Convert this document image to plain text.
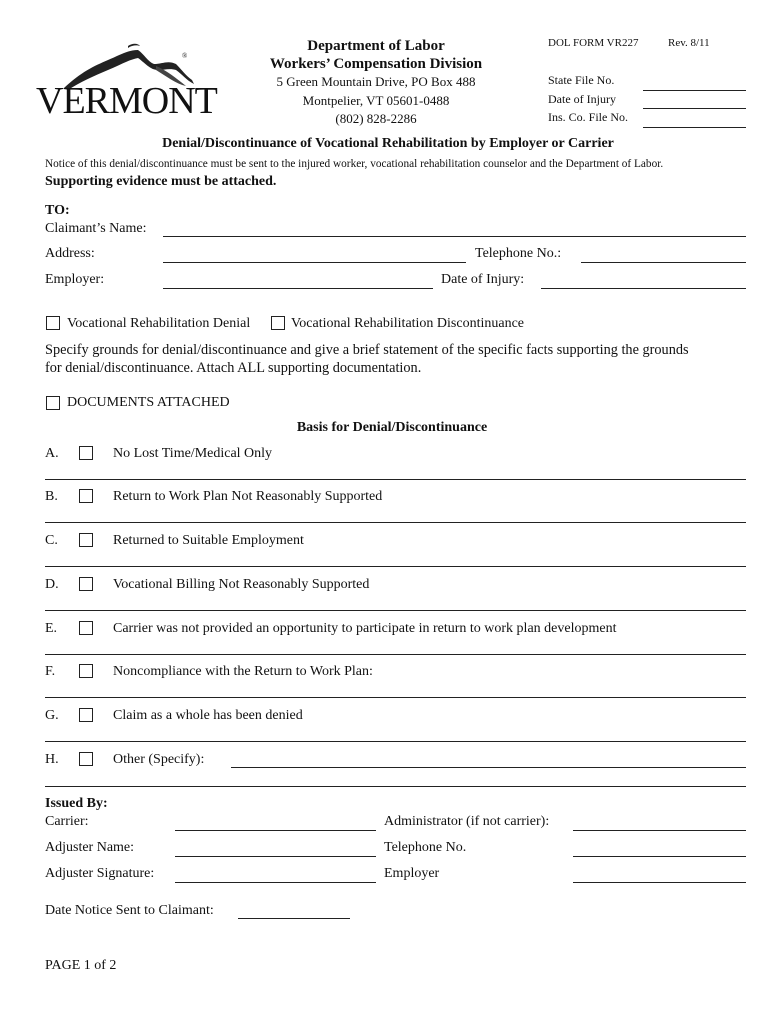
VERMONT
®
Department of Labor
Workers’ Compensation Division
5 Green Mountain Drive, PO Box 488
Montpelier, VT 05601-0488
(802) 828-2286
DOL FORM VR227	Rev. 8/11
State File No.
Date of Injury
Ins. Co. File No.
Denial/Discontinuance of Vocational Rehabilitation by Employer or Carrier
Notice of this denial/discontinuance must be sent to the injured worker, vocational rehabilitation counselor and the Department of Labor.
Supporting evidence must be attached.
TO:
Claimant’s Name:
Address:	Telephone No.:
Employer:	Date of Injury:
Vocational Rehabilitation Denial	Vocational Rehabilitation Discontinuance
Specify grounds for denial/discontinuance and give a brief statement of the specific facts supporting the grounds
for denial/discontinuance. Attach ALL supporting documentation.
DOCUMENTS ATTACHED
Basis for Denial/Discontinuance
A.	No Lost Time/Medical Only
B.	Return to Work Plan Not Reasonably Supported
C.	Returned to Suitable Employment
D.	Vocational Billing Not Reasonably Supported
E.	Carrier was not provided an opportunity to participate in return to work plan development
F.	Noncompliance with the Return to Work Plan:
G.	Claim as a whole has been denied
H.	Other (Specify):
Issued By:
Carrier:	Administrator (if not carrier):
Adjuster Name:	Telephone No.
Adjuster Signature:	Employer
Date Notice Sent to Claimant:
PAGE 1 of 2
